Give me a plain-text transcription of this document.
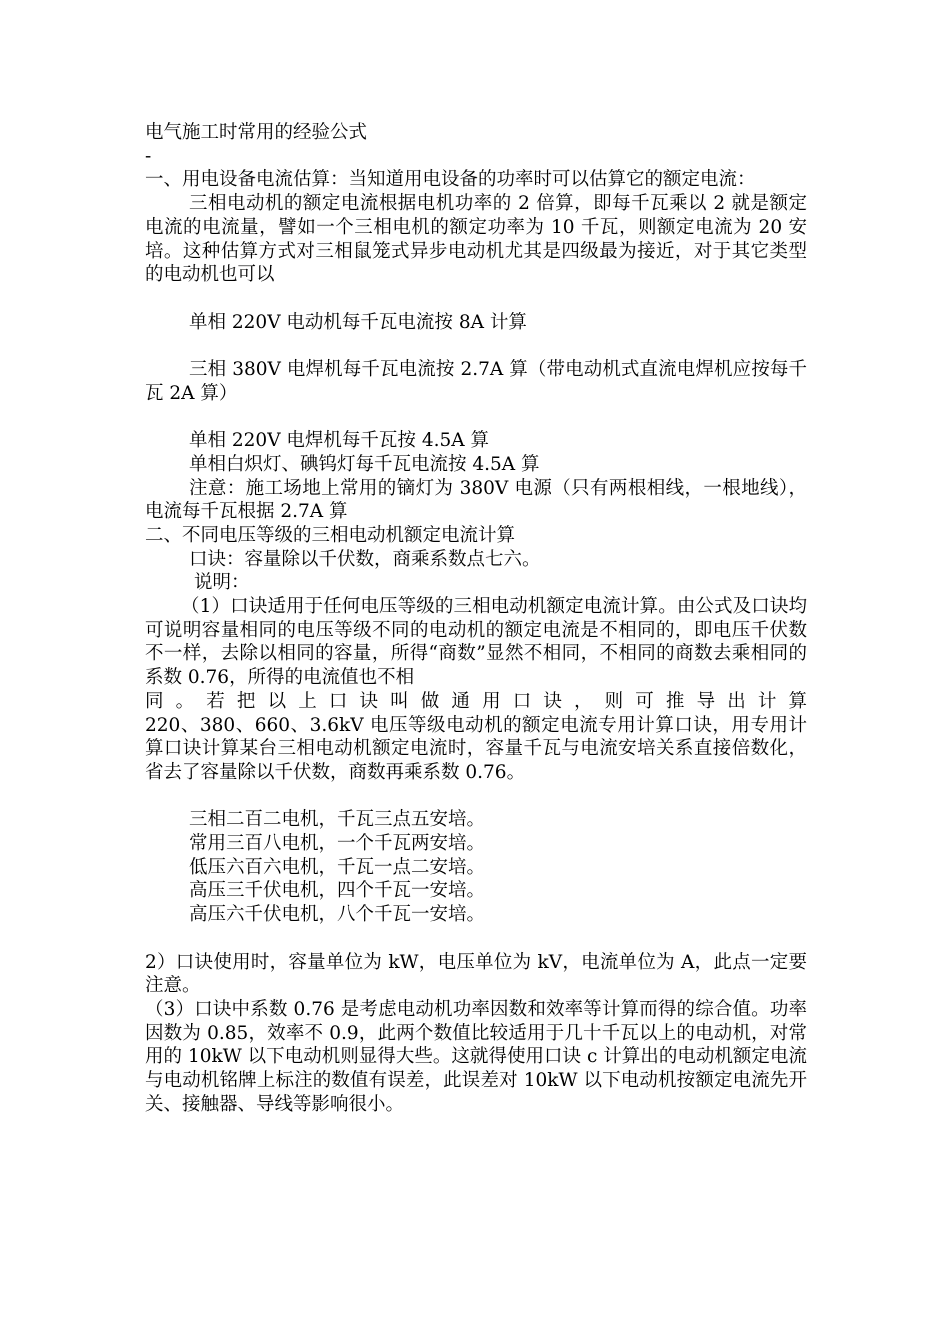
电气施工时常用的经验公式

-

一、用电设备电流估算：当知道用电设备的功率时可以估算它的额定电流：

三相电动机的额定电流根据电机功率的 2 倍算，即每千瓦乘以 2 就是额定电流的电流量，譬如一个三相电机的额定功率为 10 千瓦，则额定电流为 20 安培。这种估算方式对三相鼠笼式异步电动机尤其是四级最为接近，对于其它类型的电动机也可以

单相 220V 电动机每千瓦电流按 8A 计算

三相 380V 电焊机每千瓦电流按 2.7A 算（带电动机式直流电焊机应按每千瓦 2A 算）

单相 220V 电焊机每千瓦按 4.5A 算

单相白炽灯、碘钨灯每千瓦电流按 4.5A 算

注意：施工场地上常用的镝灯为 380V 电源（只有两根相线，一根地线），电流每千瓦根据 2.7A 算

二、不同电压等级的三相电动机额定电流计算

口诀：容量除以千伏数，商乘系数点七六。

说明：

（1）口诀适用于任何电压等级的三相电动机额定电流计算。由公式及口诀均可说明容量相同的电压等级不同的电动机的额定电流是不相同的，即电压千伏数不一样，去除以相同的容量，所得“商数”显然不相同，不相同的商数去乘相同的系数 0.76，所得的电流值也不相

同 。 若 把 以 上 口 诀 叫 做 通 用 口 诀 ， 则 可 推 导 出 计 算

220、380、660、3.6kV 电压等级电动机的额定电流专用计算口诀，用专用计算口诀计算某台三相电动机额定电流时，容量千瓦与电流安培关系直接倍数化，省去了容量除以千伏数，商数再乘系数 0.76。

三相二百二电机，千瓦三点五安培。

常用三百八电机，一个千瓦两安培。

低压六百六电机，千瓦一点二安培。

高压三千伏电机，四个千瓦一安培。

高压六千伏电机，八个千瓦一安培。

2）口诀使用时，容量单位为 kW，电压单位为 kV，电流单位为 A，此点一定要注意。

（3）口诀中系数 0.76 是考虑电动机功率因数和效率等计算而得的综合值。功率因数为 0.85，效率不 0.9，此两个数值比较适用于几十千瓦以上的电动机，对常用的 10kW 以下电动机则显得大些。这就得使用口诀 c 计算出的电动机额定电流与电动机铭牌上标注的数值有误差，此误差对 10kW 以下电动机按额定电流先开关、接触器、导线等影响很小。
